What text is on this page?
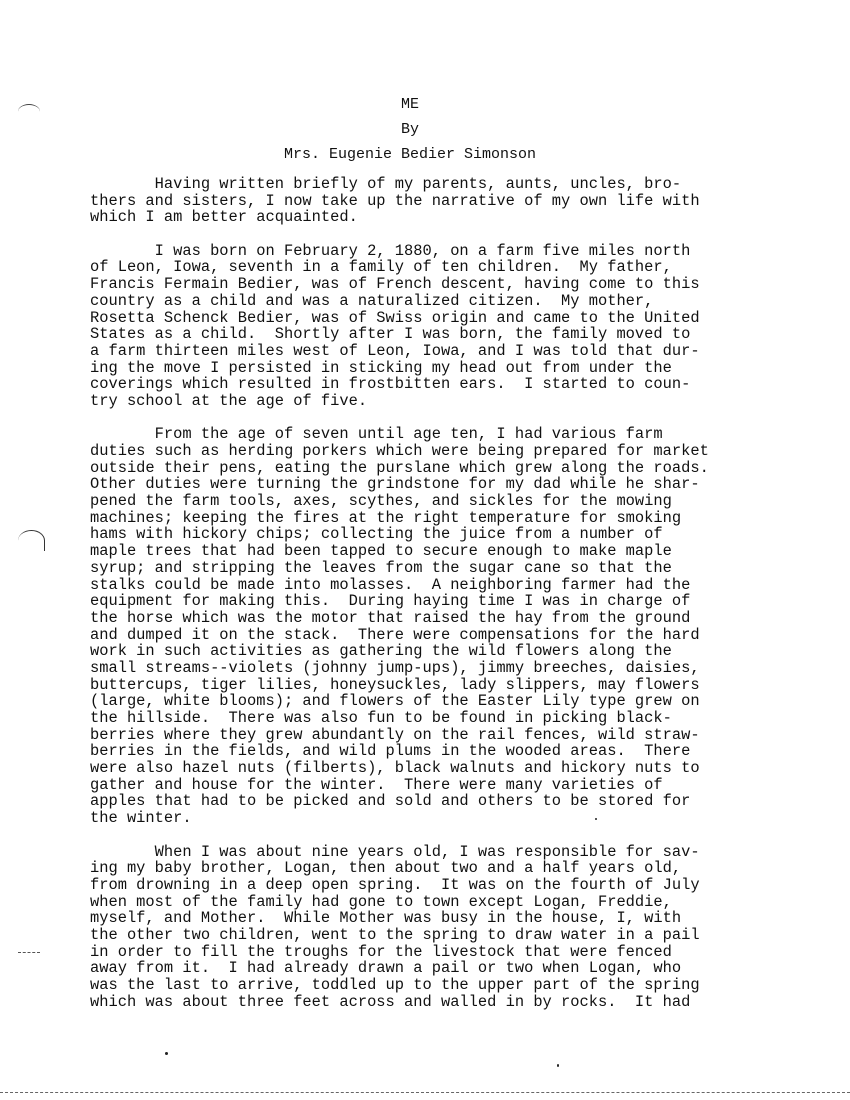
ME
By
Mrs. Eugenie Bedier Simonson
Having written briefly of my parents, aunts, uncles, bro-
thers and sisters, I now take up the narrative of my own life with
which I am better acquainted.
I was born on February 2, 1880, on a farm five miles north
of Leon, Iowa, seventh in a family of ten children.  My father,
Francis Fermain Bedier, was of French descent, having come to this
country as a child and was a naturalized citizen.  My mother,
Rosetta Schenck Bedier, was of Swiss origin and came to the United
States as a child.  Shortly after I was born, the family moved to
a farm thirteen miles west of Leon, Iowa, and I was told that dur-
ing the move I persisted in sticking my head out from under the
coverings which resulted in frostbitten ears.  I started to coun-
try school at the age of five.
From the age of seven until age ten, I had various farm
duties such as herding porkers which were being prepared for market
outside their pens, eating the purslane which grew along the roads.
Other duties were turning the grindstone for my dad while he shar-
pened the farm tools, axes, scythes, and sickles for the mowing
machines; keeping the fires at the right temperature for smoking
hams with hickory chips; collecting the juice from a number of
maple trees that had been tapped to secure enough to make maple
syrup; and stripping the leaves from the sugar cane so that the
stalks could be made into molasses.  A neighboring farmer had the
equipment for making this.  During haying time I was in charge of
the horse which was the motor that raised the hay from the ground
and dumped it on the stack.  There were compensations for the hard
work in such activities as gathering the wild flowers along the
small streams--violets (johnny jump-ups), jimmy breeches, daisies,
buttercups, tiger lilies, honeysuckles, lady slippers, may flowers
(large, white blooms); and flowers of the Easter Lily type grew on
the hillside.  There was also fun to be found in picking black-
berries where they grew abundantly on the rail fences, wild straw-
berries in the fields, and wild plums in the wooded areas.  There
were also hazel nuts (filberts), black walnuts and hickory nuts to
gather and house for the winter.  There were many varieties of
apples that had to be picked and sold and others to be stored for
the winter.
When I was about nine years old, I was responsible for sav-
ing my baby brother, Logan, then about two and a half years old,
from drowning in a deep open spring.  It was on the fourth of July
when most of the family had gone to town except Logan, Freddie,
myself, and Mother.  While Mother was busy in the house, I, with
the other two children, went to the spring to draw water in a pail
in order to fill the troughs for the livestock that were fenced
away from it.  I had already drawn a pail or two when Logan, who
was the last to arrive, toddled up to the upper part of the spring
which was about three feet across and walled in by rocks.  It had
